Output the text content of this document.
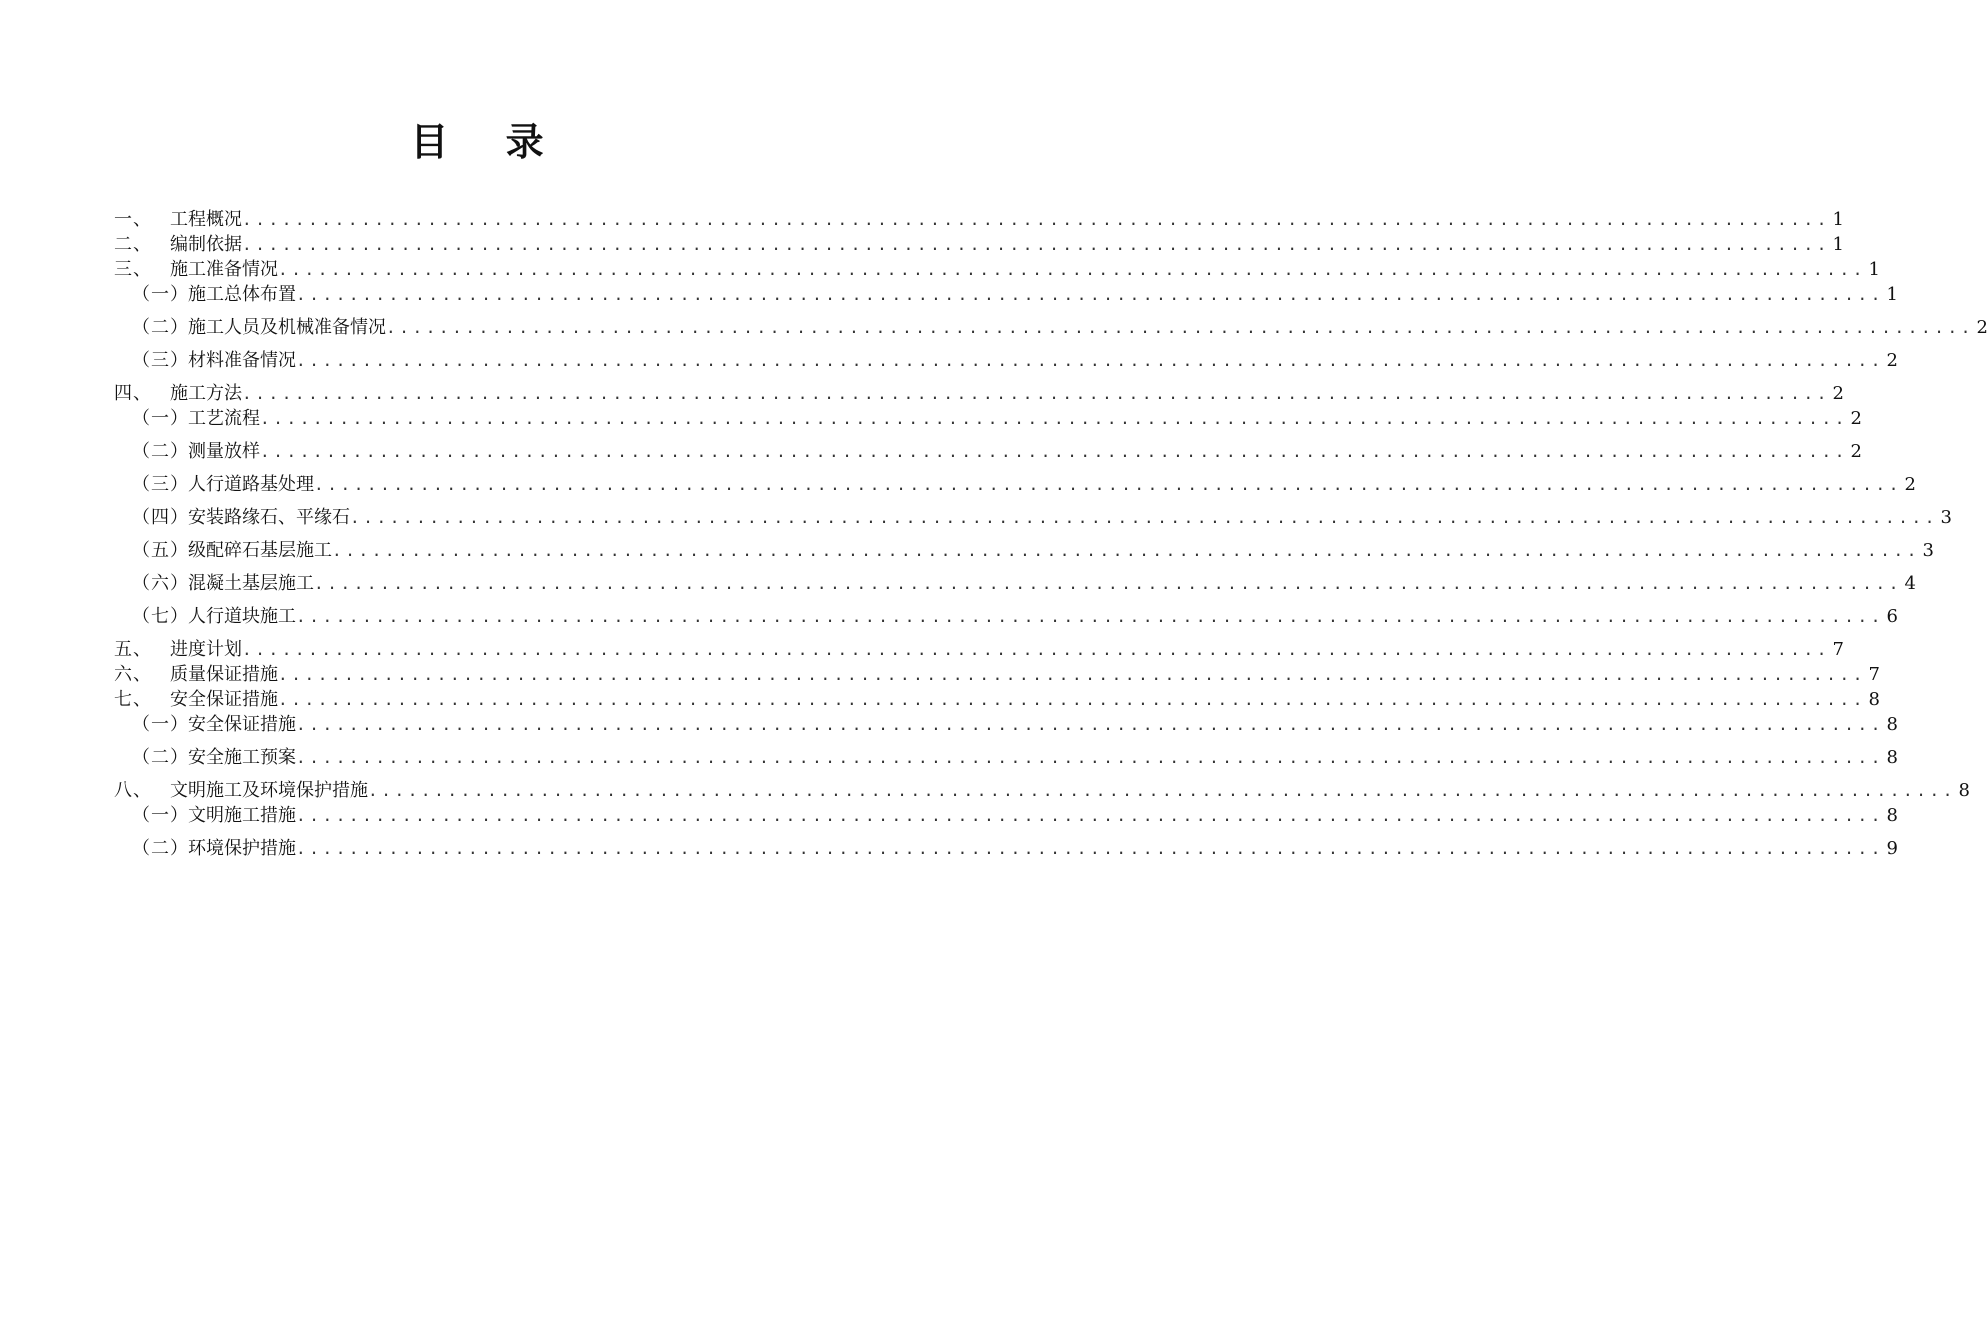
目 录
一、	工程概况 ........................................................................................................................ 1
二、	编制依据 ........................................................................................................................ 1
三、	施工准备情况 ........................................................................................................................ 1
（一） 施工总体布置 ........................................................................................................................ 1
（二） 施工人员及机械准备情况 ........................................................................................................................ 2
（三） 材料准备情况 ........................................................................................................................ 2
四、	施工方法 ........................................................................................................................ 2
（一） 工艺流程 ........................................................................................................................ 2
（二） 测量放样 ........................................................................................................................ 2
（三） 人行道路基处理 ........................................................................................................................ 2
（四） 安装路缘石、平缘石 ........................................................................................................................ 3
（五） 级配碎石基层施工 ........................................................................................................................ 3
（六） 混凝土基层施工 ........................................................................................................................ 4
（七） 人行道块施工 ........................................................................................................................ 6
五、	进度计划 ........................................................................................................................ 7
六、	质量保证措施 ........................................................................................................................ 7
七、	安全保证措施 ........................................................................................................................ 8
（一） 安全保证措施 ........................................................................................................................ 8
（二） 安全施工预案 ........................................................................................................................ 8
八、	文明施工及环境保护措施 ........................................................................................................................ 8
（一） 文明施工措施 ........................................................................................................................ 8
（二） 环境保护措施 ........................................................................................................................ 9
